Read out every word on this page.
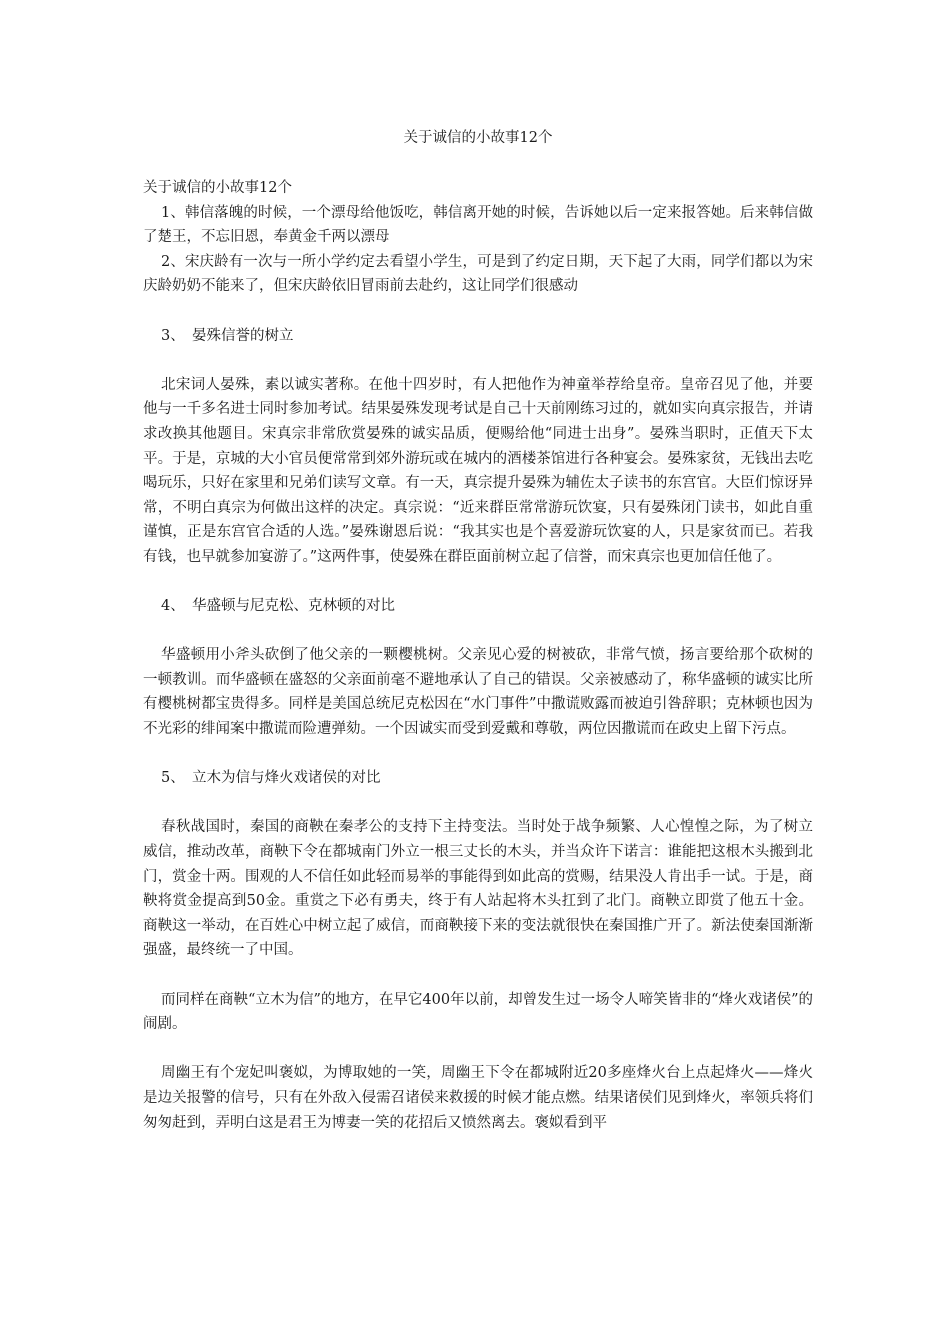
关于诚信的小故事12个

关于诚信的小故事12个

1、韩信落魄的时候，一个漂母给他饭吃，韩信离开她的时候，告诉她以后一定来报答她。后来韩信做了楚王，不忘旧恩，奉黄金千两以漂母

2、宋庆龄有一次与一所小学约定去看望小学生，可是到了约定日期，天下起了大雨，同学们都以为宋庆龄奶奶不能来了，但宋庆龄依旧冒雨前去赴约，这让同学们很感动

3、　晏殊信誉的树立

北宋词人晏殊，素以诚实著称。在他十四岁时，有人把他作为神童举荐给皇帝。皇帝召见了他，并要他与一千多名进士同时参加考试。结果晏殊发现考试是自己十天前刚练习过的，就如实向真宗报告，并请求改换其他题目。宋真宗非常欣赏晏殊的诚实品质，便赐给他“同进士出身”。晏殊当职时，正值天下太平。于是，京城的大小官员便常常到郊外游玩或在城内的酒楼茶馆进行各种宴会。晏殊家贫，无钱出去吃喝玩乐，只好在家里和兄弟们读写文章。有一天，真宗提升晏殊为辅佐太子读书的东宫官。大臣们惊讶异常，不明白真宗为何做出这样的决定。真宗说：“近来群臣常常游玩饮宴，只有晏殊闭门读书，如此自重谨慎，正是东宫官合适的人选。”晏殊谢恩后说：“我其实也是个喜爱游玩饮宴的人，只是家贫而已。若我有钱，也早就参加宴游了。”这两件事，使晏殊在群臣面前树立起了信誉，而宋真宗也更加信任他了。

4、　华盛顿与尼克松、克林顿的对比

华盛顿用小斧头砍倒了他父亲的一颗樱桃树。父亲见心爱的树被砍，非常气愤，扬言要给那个砍树的一顿教训。而华盛顿在盛怒的父亲面前毫不避地承认了自己的错误。父亲被感动了，称华盛顿的诚实比所有樱桃树都宝贵得多。同样是美国总统尼克松因在“水门事件”中撒谎败露而被迫引咎辞职；克林顿也因为不光彩的绯闻案中撒谎而险遭弹劾。一个因诚实而受到爱戴和尊敬，两位因撒谎而在政史上留下污点。

5、　立木为信与烽火戏诸侯的对比

春秋战国时，秦国的商鞅在秦孝公的支持下主持变法。当时处于战争频繁、人心惶惶之际，为了树立威信，推动改革，商鞅下令在都城南门外立一根三丈长的木头，并当众许下诺言：谁能把这根木头搬到北门，赏金十两。围观的人不信任如此轻而易举的事能得到如此高的赏赐，结果没人肯出手一试。于是，商鞅将赏金提高到50金。重赏之下必有勇夫，终于有人站起将木头扛到了北门。商鞅立即赏了他五十金。商鞅这一举动，在百姓心中树立起了威信，而商鞅接下来的变法就很快在秦国推广开了。新法使秦国渐渐强盛，最终统一了中国。

而同样在商鞅“立木为信”的地方，在早它400年以前，却曾发生过一场令人啼笑皆非的“烽火戏诸侯”的闹剧。

周幽王有个宠妃叫褒姒，为博取她的一笑，周幽王下令在都城附近20多座烽火台上点起烽火——烽火是边关报警的信号，只有在外敌入侵需召诸侯来救援的时候才能点燃。结果诸侯们见到烽火，率领兵将们匆匆赶到，弄明白这是君王为博妻一笑的花招后又愤然离去。褒姒看到平
